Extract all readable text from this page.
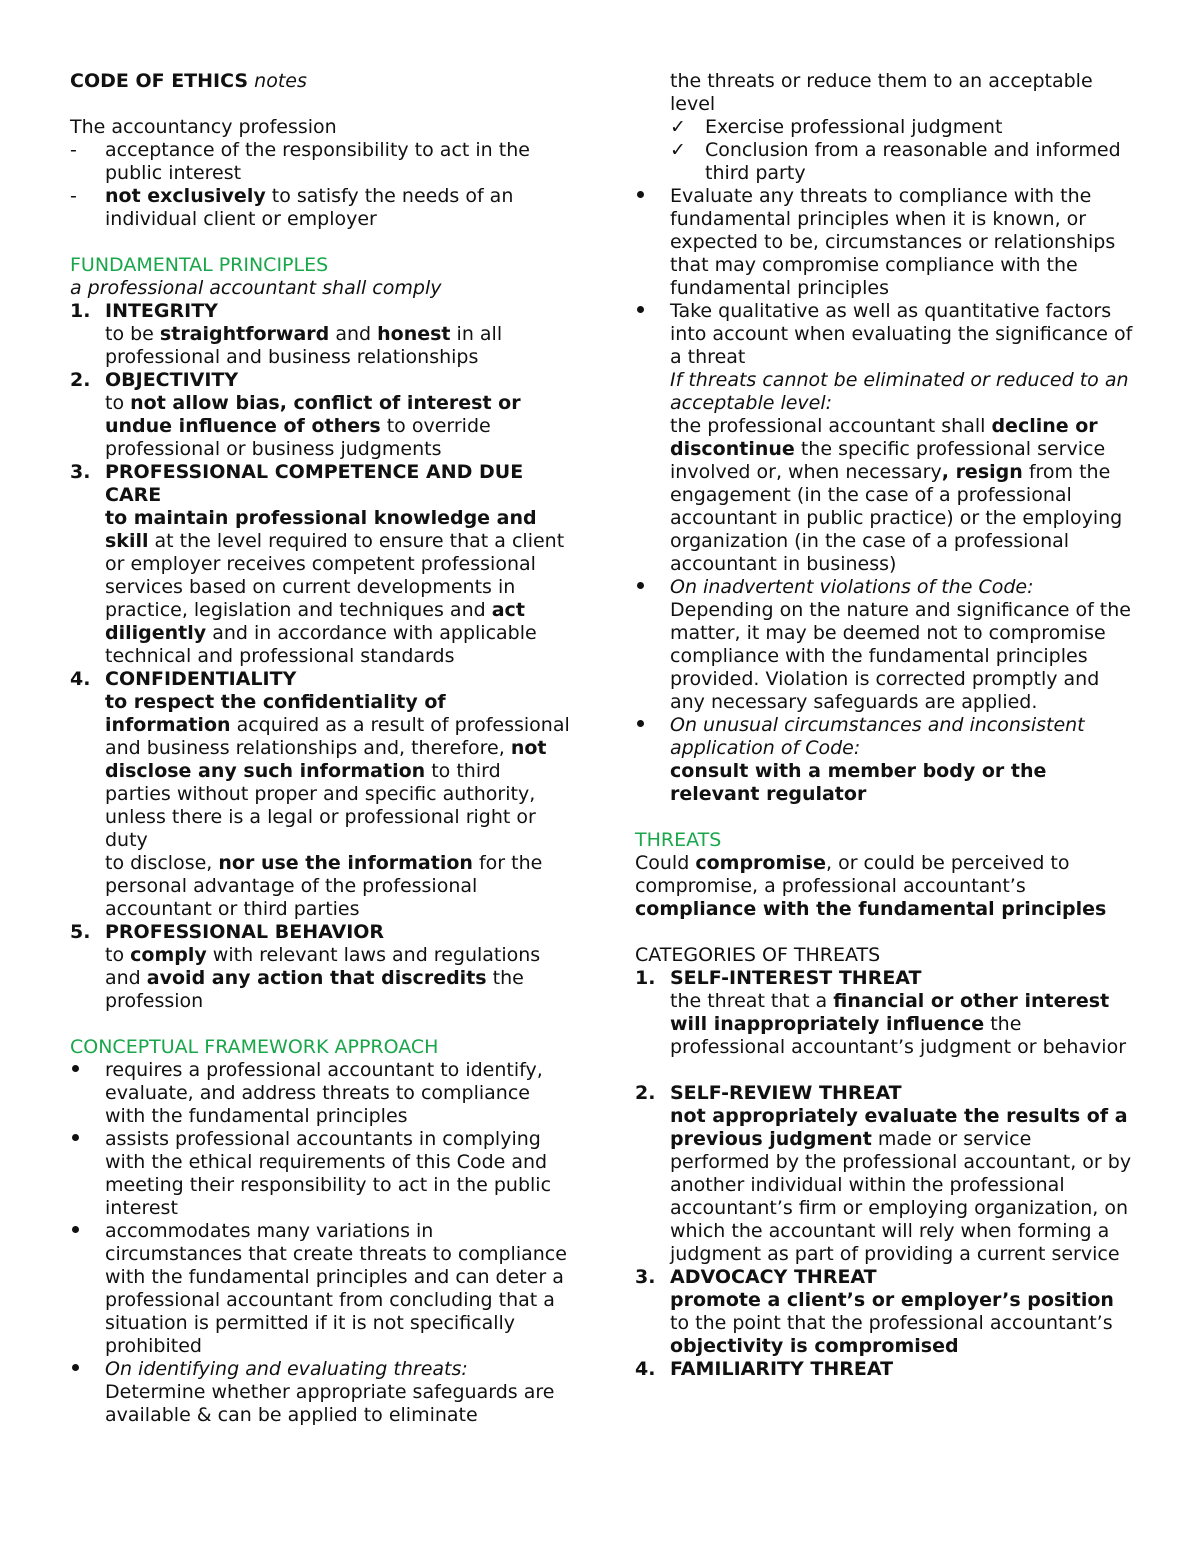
CODE OF ETHICS notes

The accountancy profession

-	acceptance of the responsibility to act in the public interest
-	not exclusively to satisfy the needs of an individual client or employer

FUNDAMENTAL PRINCIPLES

a professional accountant shall comply

1. INTEGRITY

to be straightforward and honest in all professional and business relationships

2. OBJECTIVITY

to not allow bias, conflict of interest or undue influence of others to override professional or business judgments

3. PROFESSIONAL COMPETENCE AND DUE CARE

to maintain professional knowledge and skill at the level required to ensure that a client or employer receives competent professional services based on current developments in practice, legislation and techniques and act diligently and in accordance with applicable technical and professional standards

4. CONFIDENTIALITY

to respect the confidentiality of information acquired as a result of professional and business relationships and, therefore, not disclose any such information to third parties without proper and specific authority, unless there is a legal or professional right or duty

to disclose, nor use the information for the personal advantage of the professional accountant or third parties

5. PROFESSIONAL BEHAVIOR

to comply with relevant laws and regulations and avoid any action that discredits the profession

CONCEPTUAL FRAMEWORK APPROACH

requires a professional accountant to identify, evaluate, and address threats to compliance with the fundamental principles
assists professional accountants in complying with the ethical requirements of this Code and meeting their responsibility to act in the public interest
accommodates many variations in circumstances that create threats to compliance with the fundamental principles and can deter a professional accountant from concluding that a situation is permitted if it is not specifically prohibited

On identifying and evaluating threats:

Determine whether appropriate safeguards are available & can be applied to eliminate

the threats or reduce them to an acceptable level

✓	Exercise professional judgment
✓	Conclusion from a reasonable and informed third party
Evaluate any threats to compliance with the fundamental principles when it is known, or expected to be, circumstances or relationships that may compromise compliance with the fundamental principles

Take qualitative as well as quantitative factors into account when evaluating the significance of a threat

If threats cannot be eliminated or reduced to an acceptable level:

the professional accountant shall decline or discontinue the specific professional service involved or, when necessary, resign from the engagement (in the case of a professional accountant in public practice) or the employing organization (in the case of a professional accountant in business)

On inadvertent violations of the Code:

Depending on the nature and significance of the matter, it may be deemed not to compromise compliance with the fundamental principles provided. Violation is corrected promptly and any necessary safeguards are applied.

On unusual circumstances and inconsistent application of Code:

consult with a member body or the relevant regulator

THREATS

Could compromise, or could be perceived to compromise, a professional accountant’s compliance with the fundamental principles

CATEGORIES OF THREATS

1. SELF-INTEREST THREAT

the threat that a financial or other interest will inappropriately influence the professional accountant’s judgment or behavior

2. SELF-REVIEW THREAT

not appropriately evaluate the results of a previous judgment made or service performed by the professional accountant, or by another individual within the professional accountant’s firm or employing organization, on which the accountant will rely when forming a judgment as part of providing a current service

3. ADVOCACY THREAT

promote a client’s or employer’s position to the point that the professional accountant’s objectivity is compromised

4. FAMILIARITY THREAT
